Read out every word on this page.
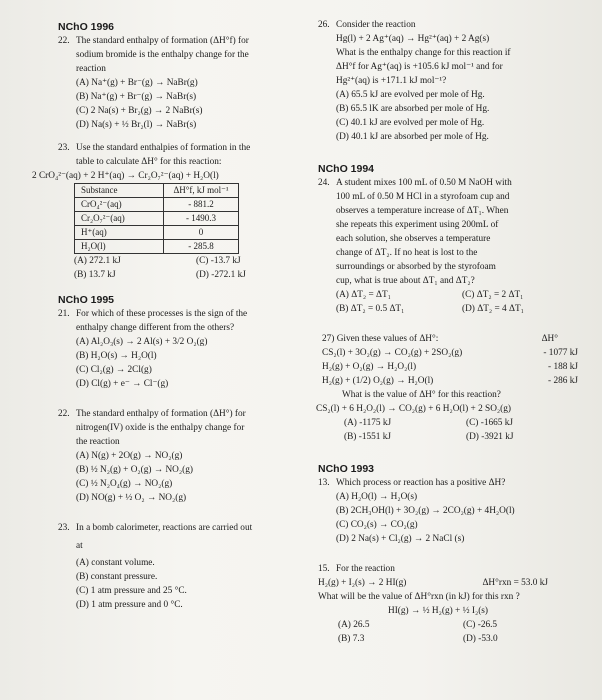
NChO 1996
22. The standard enthalpy of formation (ΔH°f) for
sodium bromide is the enthalpy change for the
reaction
(A) Na⁺(g) + Br⁻(g) → NaBr(g)
(B) Na⁺(g) + Br⁻(g) → NaBr(s)
(C) 2 Na(s) + Br₂(g) → 2 NaBr(s)
(D) Na(s) + ½ Br₂(l) → NaBr(s)
23. Use the standard enthalpies of formation in the
table to calculate ΔH° for this reaction:
2 CrO₄²⁻(aq) + 2 H⁺(aq) → Cr₂O₇²⁻(aq) + H₂O(l)
Substance	ΔH°f, kJ mol⁻¹
CrO₄²⁻(aq)	- 881.2
Cr₂O₇²⁻(aq)	- 1490.3
H⁺(aq)	0
H₂O(l)	- 285.8
(A) 272.1 kJ	(C) -13.7 kJ
(B) 13.7 kJ	(D) -272.1 kJ
NChO 1995
21. For which of these processes is the sign of the
enthalpy change different from the others?
(A) Al₂O₃(s) → 2 Al(s) + 3/2 O₂(g)
(B) H₂O(s) → H₂O(l)
(C) Cl₂(g) → 2Cl(g)
(D) Cl(g) + e⁻ → Cl⁻(g)
22. The standard enthalpy of formation (ΔH°) for
nitrogen(IV) oxide is the enthalpy change for
the reaction
(A) N(g) + 2O(g) → NO₂(g)
(B) ½ N₂(g) + O₂(g) → NO₂(g)
(C) ½ N₂O₄(g) → NO₂(g)
(D) NO(g) + ½ O₂ → NO₂(g)
23. In a bomb calorimeter, reactions are carried out
at
(A) constant volume.
(B) constant pressure.
(C) 1 atm pressure and 25 °C.
(D) 1 atm pressure and 0 °C.
26. Consider the reaction
Hg(l) + 2 Ag⁺(aq) → Hg²⁺(aq) + 2 Ag(s)
What is the enthalpy change for this reaction if
ΔH°f for Ag⁺(aq) is +105.6 kJ mol⁻¹ and for
Hg²⁺(aq) is +171.1 kJ mol⁻¹?
(A) 65.5 kJ are evolved per mole of Hg.
(B) 65.5 lK are absorbed per mole of Hg.
(C) 40.1 kJ are evolved per mole of Hg.
(D) 40.1 kJ are absorbed per mole of Hg.
NChO 1994
24. A student mixes 100 mL of 0.50 M NaOH with
100 mL of 0.50 M HCl in a styrofoam cup and
observes a temperature increase of ΔT₁. When
she repeats this experiment using 200mL of
each solution, she observes a temperature
change of ΔT₂. If no heat is lost to the
surroundings or absorbed by the styrofoam
cup, what is true about ΔT₁ and ΔT₂?
(A) ΔT₂ = ΔT₁	(C) ΔT₂ = 2 ΔT₁
(B) ΔT₂ = 0.5 ΔT₁	(D) ΔT₂ = 4 ΔT₁
27) Given these values of ΔH°:	ΔH°
CS₂(l) + 3O₂(g) → CO₂(g) + 2SO₂(g)	- 1077 kJ
H₂(g) + O₂(g) → H₂O₂(l)	- 188 kJ
H₂(g) + (1/2) O₂(g) → H₂O(l)	- 286 kJ
What is the value of ΔH° for this reaction?
CS₂(l) + 6 H₂O₂(l) → CO₂(g) + 6 H₂O(l) + 2 SO₂(g)
(A) -1175 kJ	(C) -1665 kJ
(B) -1551 kJ	(D) -3921 kJ
NChO 1993
13. Which process or reaction has a positive ΔH?
(A) H₂O(l) → H₂O(s)
(B) 2CH₃OH(l) + 3O₂(g) → 2CO₂(g) + 4H₂O(l)
(C) CO₂(s) → CO₂(g)
(D) 2 Na(s) + Cl₂(g) → 2 NaCl (s)
15. For the reaction
H₂(g) + I₂(s) → 2 HI(g)	ΔH°rxn = 53.0 kJ
What will be the value of ΔH°rxn (in kJ) for this rxn ?
HI(g) → ½ H₂(g) + ½ I₂(s)
(A) 26.5	(C) -26.5
(B) 7.3	(D) -53.0
